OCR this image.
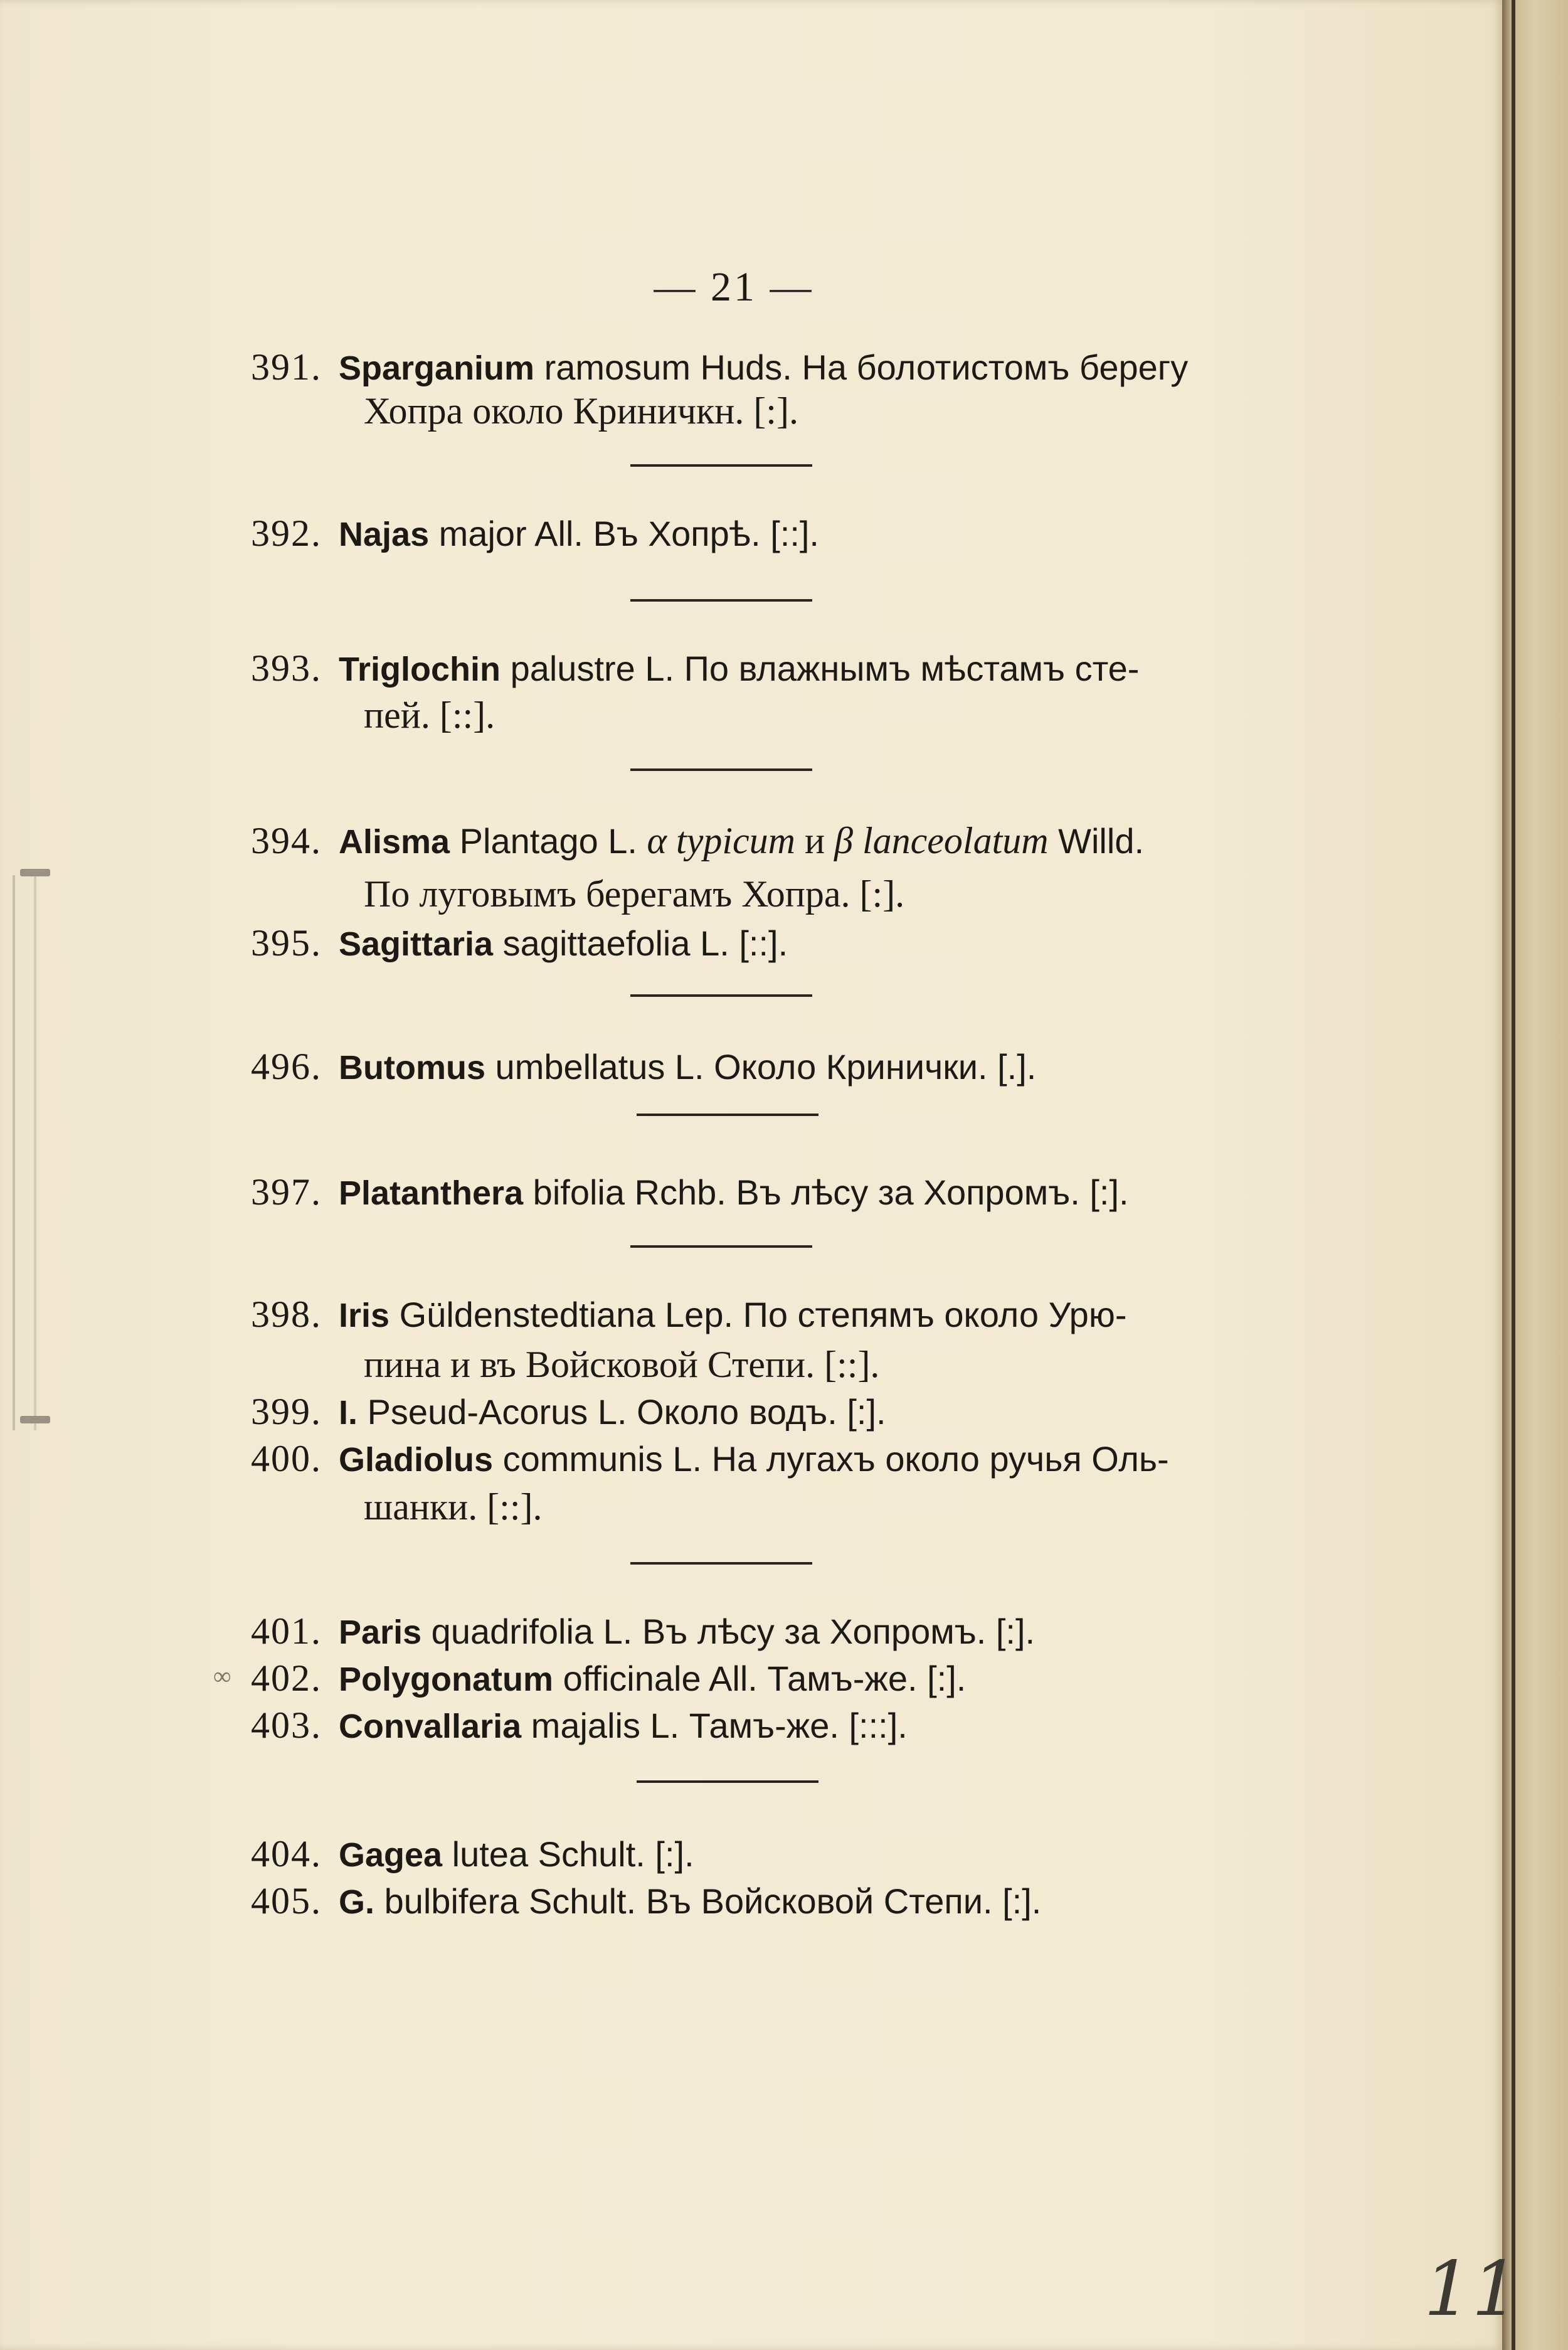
— 21 —
391. Sparganium ramosum Huds. На болотистомъ берегу
Хопра около Криничкн. [:].
392. Najas major All. Въ Хопрѣ. [::].
393. Triglochin palustre L. По влажнымъ мѣстамъ сте-
пей. [::].
394. Alisma Plantago L. α typicum и β lanceolatum Willd.
По луговымъ берегамъ Хопра. [:].
395. Sagittaria sagittaefolia L. [::].
496. Butomus umbellatus L. Около Кринички. [.].
397. Platanthera bifolia Rchb. Въ лѣсу за Хопромъ. [:].
398. Iris Güldenstedtiana Lep. По степямъ около Урю-
пина и въ Войсковой Степи. [::].
399. I. Pseud-Acorus L. Около водъ. [:].
400. Gladiolus communis L. На лугахъ около ручья Оль-
шанки. [::].
401. Paris quadrifolia L. Въ лѣсу за Хопромъ. [:].
∞ 402. Polygonatum officinale All. Тамъ-же. [:].
403. Convallaria majalis L. Тамъ-же. [:::].
404. Gagea lutea Schult. [:].
405. G. bulbifera Schult. Въ Войсковой Степи. [:].
11
